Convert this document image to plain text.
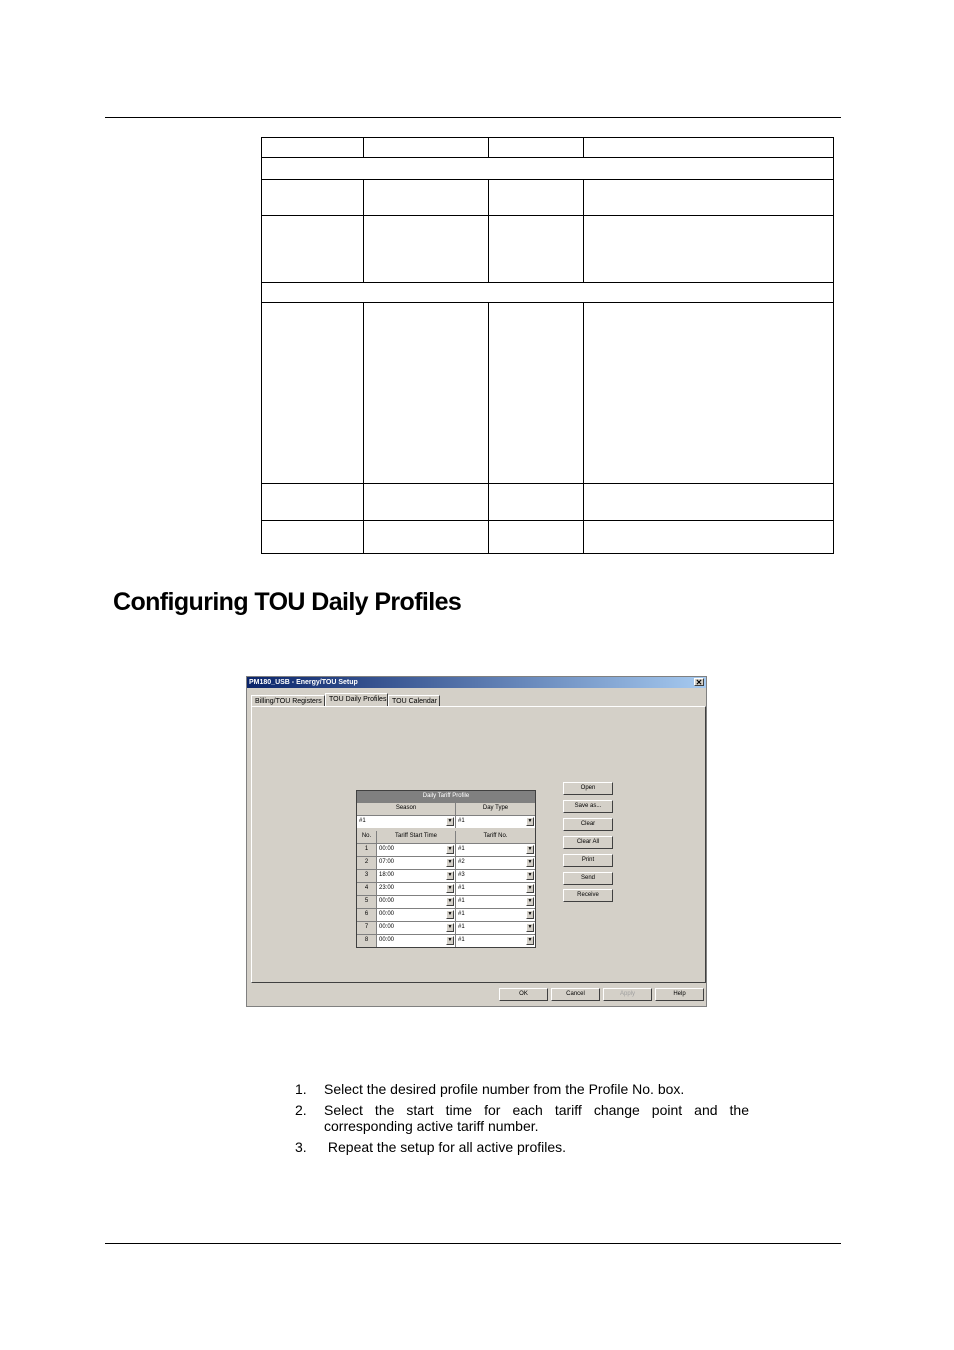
Configuring TOU Daily Profiles
PM180_USB - Energy/TOU Setup	✕
Billing/TOU Registers	TOU Daily Profiles TOU Calendar
Daily Tariff Profile
Season	Day Type
#1	▼ #1	▼
No.	Tariff Start Time	Tariff No.
1	00:00	▼ #1	▼
2	07:00	▼ #2	▼
3	18:00	▼ #3	▼
4	23:00	▼ #1	▼
5	00:00	▼ #1	▼
6	00:00	▼ #1	▼
7	00:00	▼ #1	▼
8	00:00	▼ #1	▼
Open
Save as...
Clear
Clear All
Print
Send
Receive
OK	Cancel	Apply	Help
1. Select the desired profile number from the Profile No. box.
2. Select the start time for each tariff change point and the corresponding active tariff number.
3. Repeat the setup for all active profiles.
